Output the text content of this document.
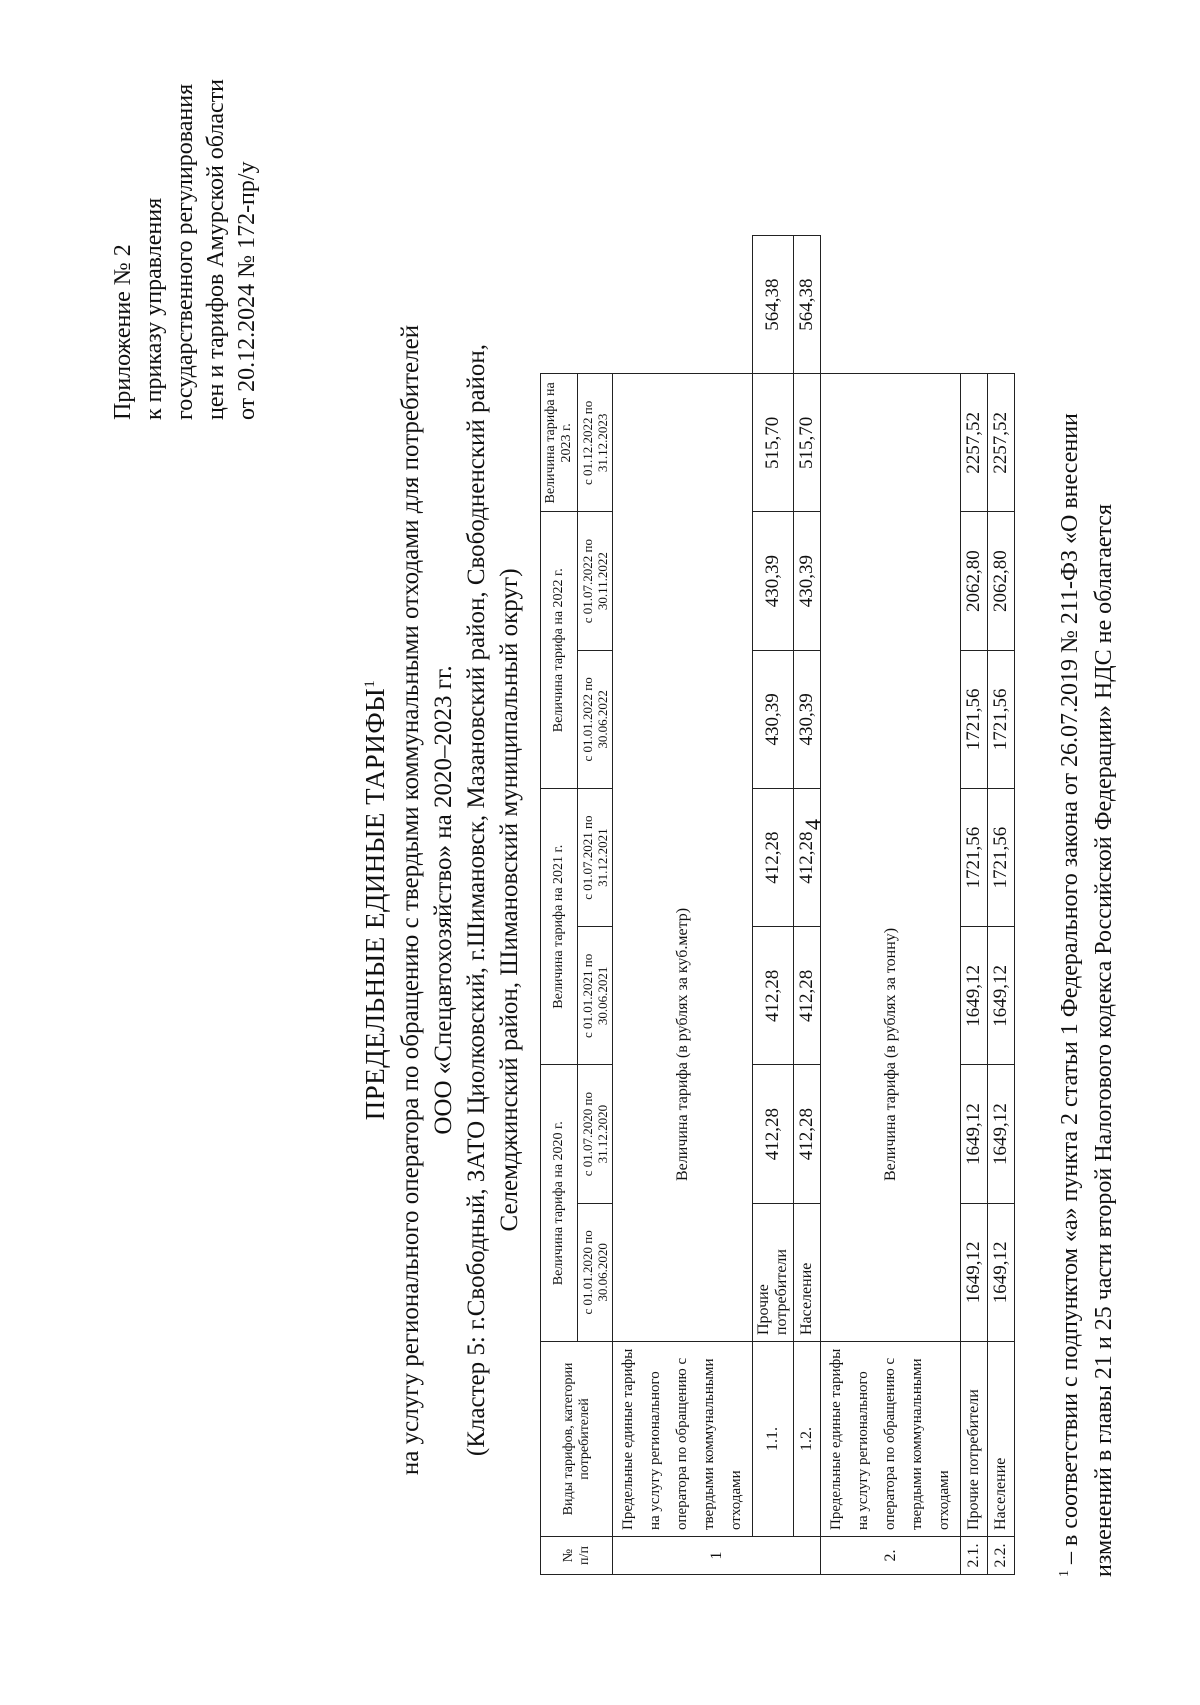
4
Приложение № 2 к приказу управления государственного регулирования цен и тарифов Амурской области от 20.12.2024 № 172-пр/у
ПРЕДЕЛЬНЫЕ ЕДИНЫЕ ТАРИФЫ$^1$ на услугу регионального оператора по обращению с твердыми коммунальными отходами для потребителей ООО «Спецавтохозяйство» на 2020–2023 гг. (Кластер 5: г.Свободный, ЗАТО Циолковский, г.Шимановск, Мазановский район, Свободненский район, Селемджинский район, Шимановский муниципальный округ)
№ п/п	Виды тарифов, категории потребителей	Величина тарифа на 2020 г.		Величина тарифа на 2021 г.		Величина тарифа на 2022 г.		Величина тарифа на 2023 г.	
		с 01.01.2020 по 30.06.2020	с 01.07.2020 по 31.12.2020	с 01.01.2021 по 30.06.2021	с 01.07.2021 по 31.12.2021	с 01.01.2022 по 30.06.2022	с 01.07.2022 по 30.11.2022	с 01.12.2022 по 31.12.2023	
1	Предельные единые тарифы на услугу регионального оператора по обращению с твердыми коммунальными отходами	Величина тарифа (в рублях за куб.метр)							
	1.1.	Прочие потребители	412,28	412,28	412,28	430,39	430,39	515,70	564,38
	1.2.	Население	412,28	412,28	412,28	430,39	430,39	515,70	564,38
2.	Предельные единые тарифы на услугу регионального оператора по обращению с твердыми коммунальными отходами	Величина тарифа (в рублях за тонну)							
2.1.	Прочие потребители	1649,12	1649,12	1649,12	1721,56	1721,56	2062,80	2257,52	
2.2.	Население	1649,12	1649,12	1649,12	1721,56	1721,56	2062,80	2257,52	
$^1$ – в соответствии с подпунктом «а» пункта 2 статьи 1 Федерального закона от 26.07.2019 № 211-ФЗ «О внесении изменений в главы 21 и 25 части второй Налогового кодекса Российской Федерации» НДС не облагается
